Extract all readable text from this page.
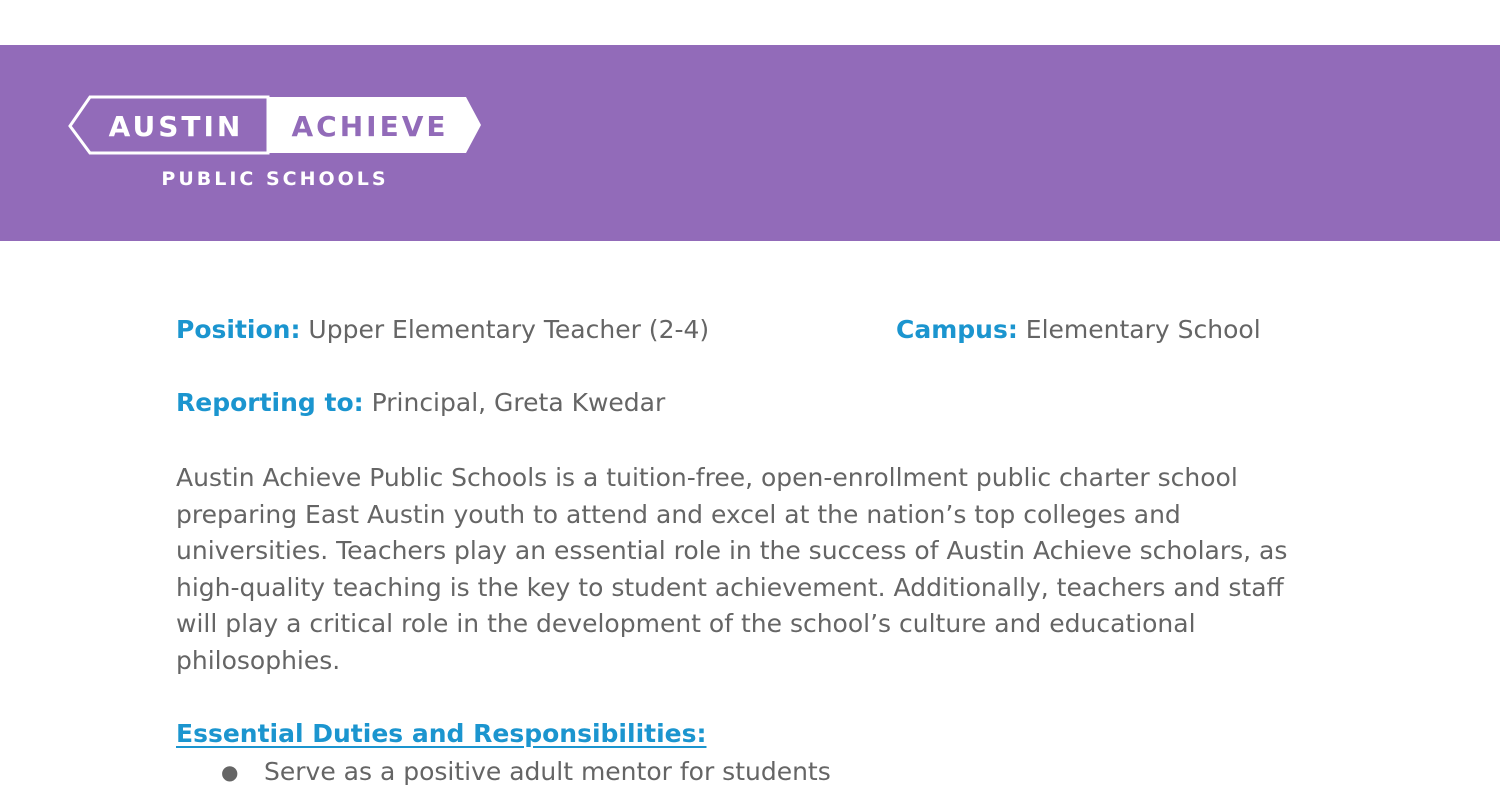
AUSTIN ACHIEVE
PUBLIC SCHOOLS
Position: Upper Elementary Teacher (2-4)	Campus: Elementary School
Reporting to: Principal, Greta Kwedar
Austin Achieve Public Schools is a tuition-free, open-enrollment public charter school preparing East Austin youth to attend and excel at the nation’s top colleges and universities. Teachers play an essential role in the success of Austin Achieve scholars, as high-quality teaching is the key to student achievement. Additionally, teachers and staff will play a critical role in the development of the school’s culture and educational philosophies.
Essential Duties and Responsibilities:
● Serve as a positive adult mentor for students
